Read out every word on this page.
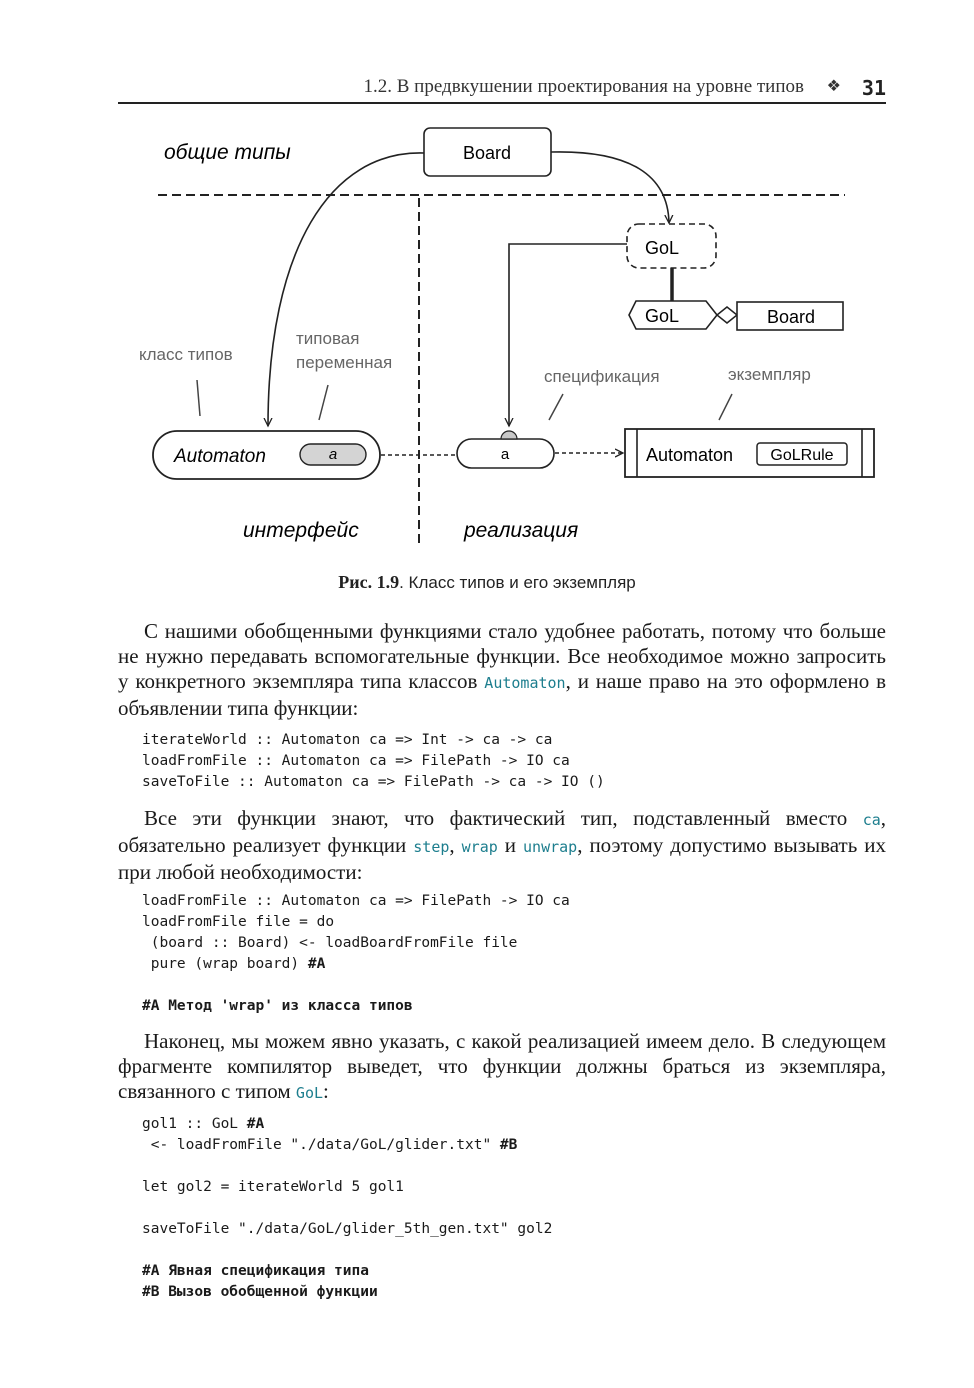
1.2. В предвкушении проектирования на уровне типов ❖ 31
Board
GoL
GoL	Board
общие типы
класс типов
типовая
переменная
спецификация	экземпляр
Automaton	a	a	Automaton GoLRule
интерфейс	реализация
Рис. 1.9. Класс типов и его экземпляр
С нашими обобщенными функциями стало удобнее работать, потому что больше не нужно передавать вспомогательные функции. Все необходимое можно запросить у конкретного экземпляра типа классов Automaton, и наше право на это оформлено в объявлении типа функции:
iterateWorld :: Automaton ca => Int -> ca -> ca
loadFromFile :: Automaton ca => FilePath -> IO ca
saveToFile :: Automaton ca => FilePath -> ca -> IO ()
Все эти функции знают, что фактический тип, подставленный вместо ca, обязательно реализует функции step, wrap и unwrap, поэтому допустимо вызывать их при любой необходимости:
loadFromFile :: Automaton ca => FilePath -> IO ca
loadFromFile file = do
(board :: Board) <- loadBoardFromFile file
pure (wrap board) #A
#A Метод 'wrap' из класса типов
Наконец, мы можем явно указать, с какой реализацией имеем дело. В следующем фрагменте компилятор выведет, что функции должны браться из экземпляра, связанного с типом GoL:
gol1 :: GoL #A
<- loadFromFile "./data/GoL/glider.txt" #B
let gol2 = iterateWorld 5 gol1
saveToFile "./data/GoL/glider_5th_gen.txt" gol2
#A Явная спецификация типа
#B Вызов обобщенной функции
